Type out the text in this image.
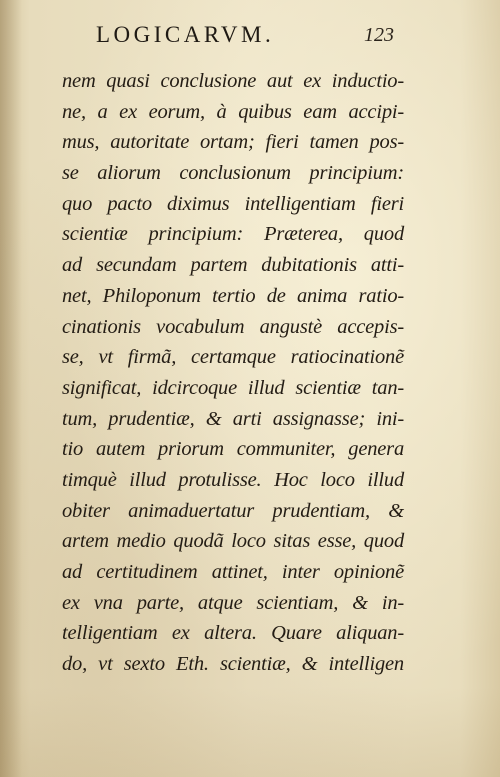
LOGICARVM.	123
nem quasi conclusione aut ex inductio-
ne, a ex eorum, à quibus eam accipi-
mus, autoritate ortam; fieri tamen pos-
se aliorum conclusionum principium:
quo pacto diximus intelligentiam fieri
scientiæ principium: Præterea, quod
ad secundam partem dubitationis atti-
net, Philoponum tertio de anima ratio-
cinationis vocabulum angustè accepis-
se, vt firmã, certamque ratiocinationẽ
significat, idcircoque illud scientiæ tan-
tum, prudentiæ, & arti assignasse; ini-
tio autem priorum communiter, genera
timquè illud protulisse. Hoc loco illud
obiter animaduertatur prudentiam, &
artem medio quodã loco sitas esse, quod
ad certitudinem attinet, inter opinionẽ
ex vna parte, atque scientiam, & in-
telligentiam ex altera. Quare aliquan-
do, vt sexto Eth. scientiæ, & intelligen
